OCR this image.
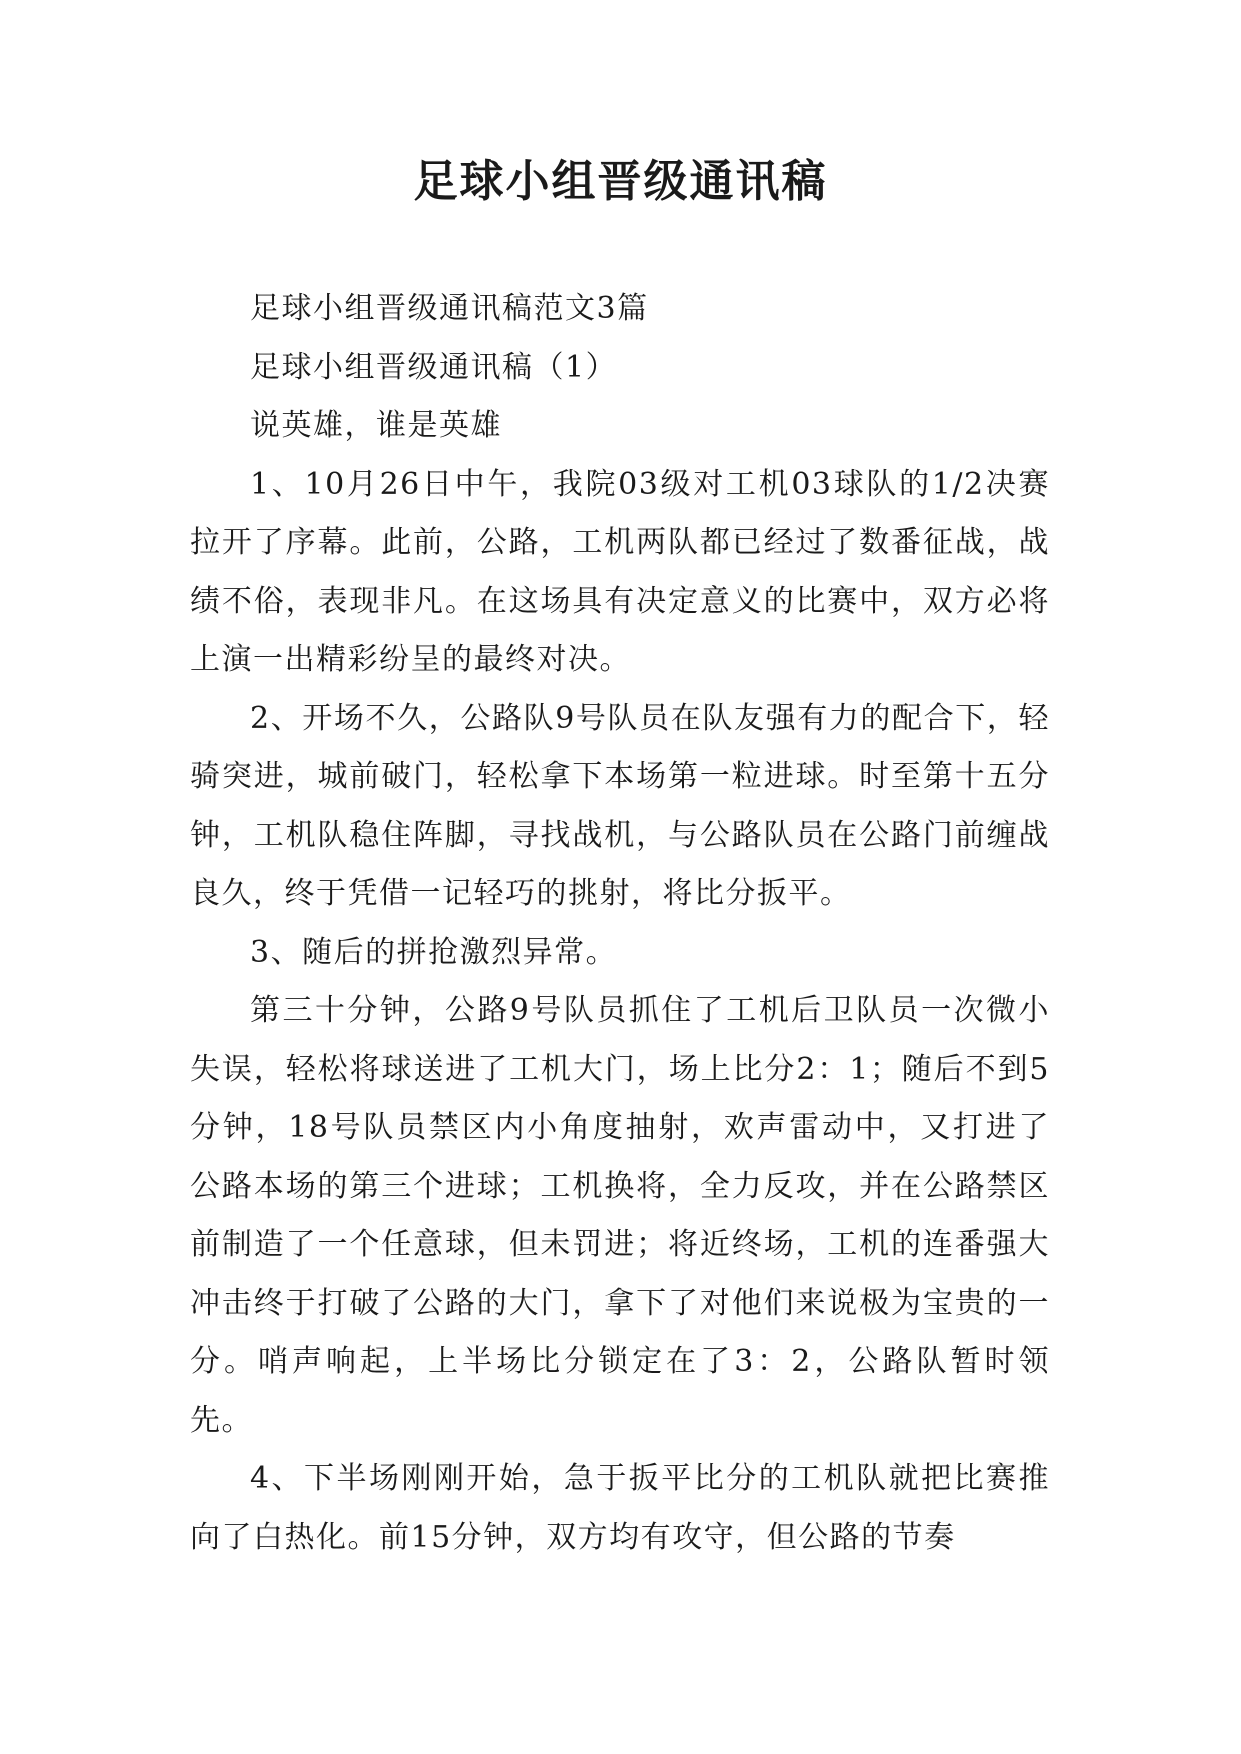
足球小组晋级通讯稿

足球小组晋级通讯稿范文3篇

足球小组晋级通讯稿（1）

说英雄，谁是英雄

1、10月26日中午，我院03级对工机03球队的1/2决赛拉开了序幕。此前，公路，工机两队都已经过了数番征战，战绩不俗，表现非凡。在这场具有决定意义的比赛中，双方必将上演一出精彩纷呈的最终对决。

2、开场不久，公路队9号队员在队友强有力的配合下，轻骑突进，城前破门，轻松拿下本场第一粒进球。时至第十五分钟，工机队稳住阵脚，寻找战机，与公路队员在公路门前缠战良久，终于凭借一记轻巧的挑射，将比分扳平。

3、随后的拼抢激烈异常。

第三十分钟，公路9号队员抓住了工机后卫队员一次微小失误，轻松将球送进了工机大门，场上比分2：1；随后不到5分钟，18号队员禁区内小角度抽射，欢声雷动中，又打进了公路本场的第三个进球；工机换将，全力反攻，并在公路禁区前制造了一个任意球，但未罚进；将近终场，工机的连番强大冲击终于打破了公路的大门，拿下了对他们来说极为宝贵的一分。哨声响起，上半场比分锁定在了3：2，公路队暂时领先。

4、下半场刚刚开始，急于扳平比分的工机队就把比赛推向了白热化。前15分钟，双方均有攻守，但公路的节奏
